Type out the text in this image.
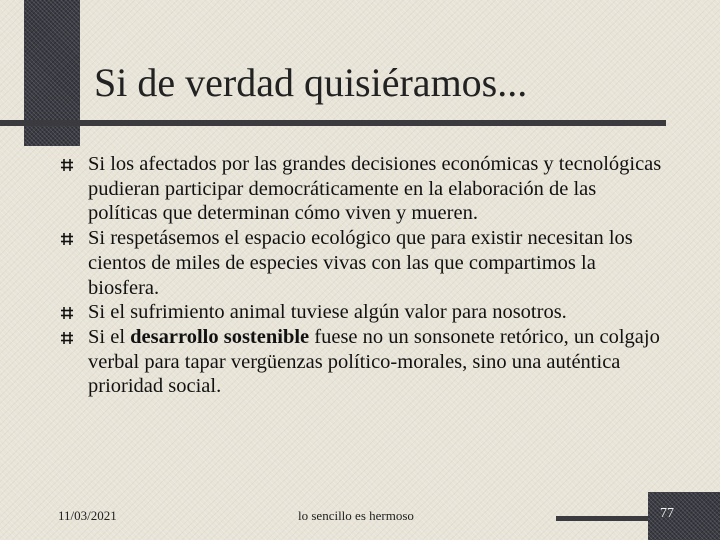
Si de verdad quisiéramos...
Si los afectados por las grandes decisiones económicas y tecnológicas pudieran participar democráticamente en la elaboración de las políticas que determinan cómo viven y mueren.
Si respetásemos el espacio ecológico que para existir necesitan los cientos de miles de especies vivas con las que compartimos la biosfera.
Si el sufrimiento animal tuviese algún valor para nosotros.
Si el desarrollo sostenible fuese no un sonsonete retórico, un colgajo verbal para tapar vergüenzas político-morales, sino una auténtica prioridad social.
11/03/2021	lo sencillo es hermoso	77
